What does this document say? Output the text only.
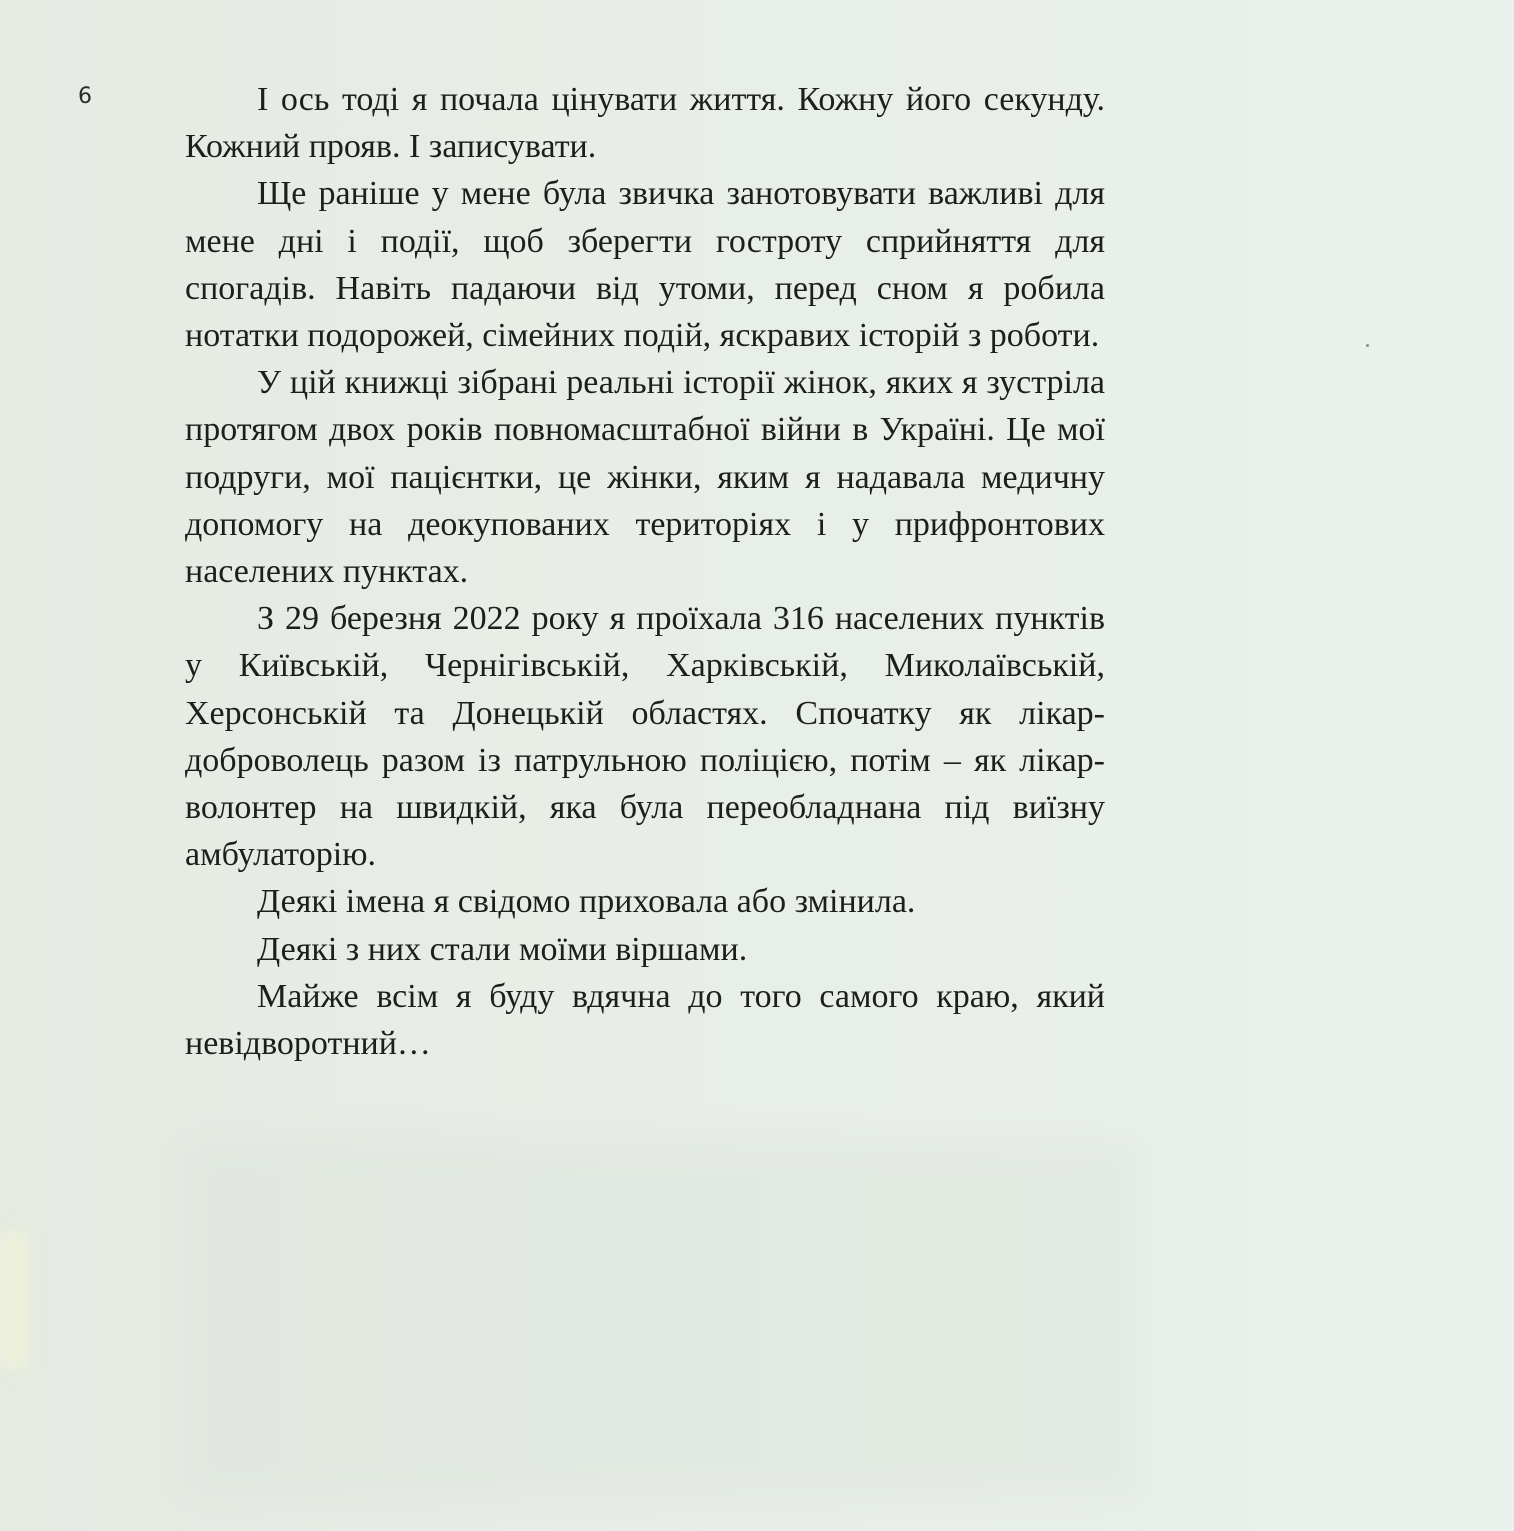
6	І ось тоді я почала цінувати життя. Кожну його секунду. Кожний прояв. І записувати.

Ще раніше у мене була звичка занотовувати важливі для мене дні і події, щоб зберегти гостроту сприйняття для спогадів. Навіть падаючи від утоми, перед сном я робила нотатки подорожей, сімейних подій, яскравих історій з роботи.

У цій книжці зібрані реальні історії жінок, яких я зустріла протягом двох років повномасштабної війни в Україні. Це мої подруги, мої пацієнтки, це жінки, яким я надавала медичну допомогу на деокупованих територіях і у прифронтових населених пунктах.

З 29 березня 2022 року я проїхала 316 населених пунктів у Київській, Чернігівській, Харківській, Миколаївській, Херсонській та Донецькій областях. Спочатку як лікар-доброволець разом із патрульною поліцією, потім – як лікар-волонтер на швидкій, яка була переобладнана під виїзну амбулаторію.

Деякі імена я свідомо приховала або змінила.

Деякі з них стали моїми віршами.

Майже всім я буду вдячна до того самого краю, який невідворотний…
